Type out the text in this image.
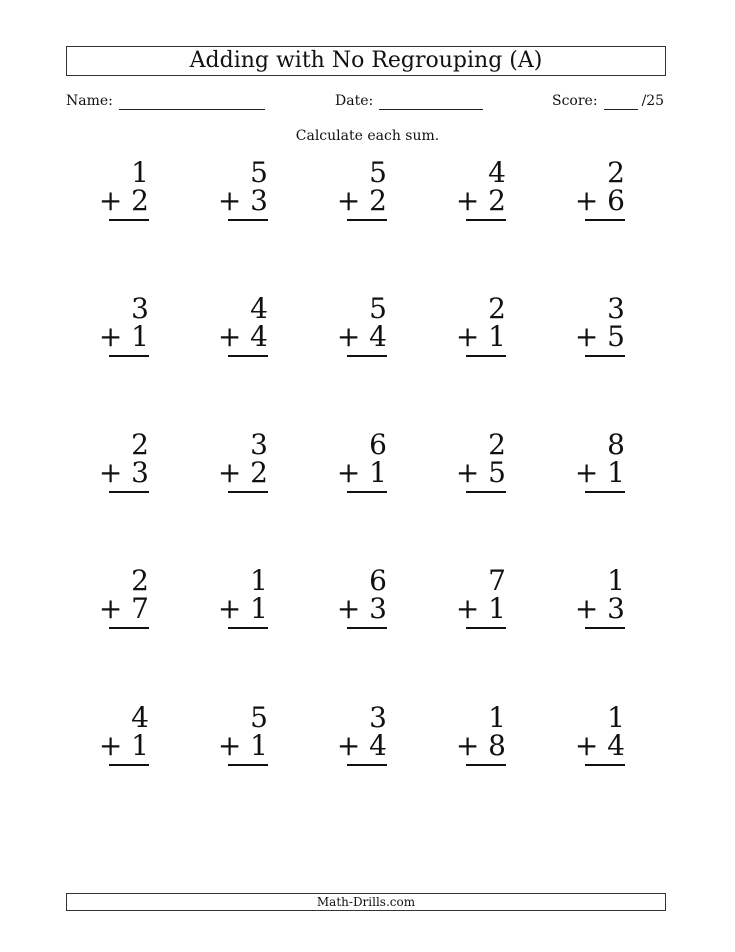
Adding with No Regrouping (A)
Name:	Date:	Score:	/25
Calculate each sum.
1
+ 2
5
+ 3
5
+ 2
4
+ 2
2
+ 6
3
+ 1
4
+ 4
5
+ 4
2
+ 1
3
+ 5
2
+ 3
3
+ 2
6
+ 1
2
+ 5
8
+ 1
2
+ 7
1
+ 1
6
+ 3
7
+ 1
1
+ 3
4
+ 1
5
+ 1
3
+ 4
1
+ 8
1
+ 4
Math-Drills.com
